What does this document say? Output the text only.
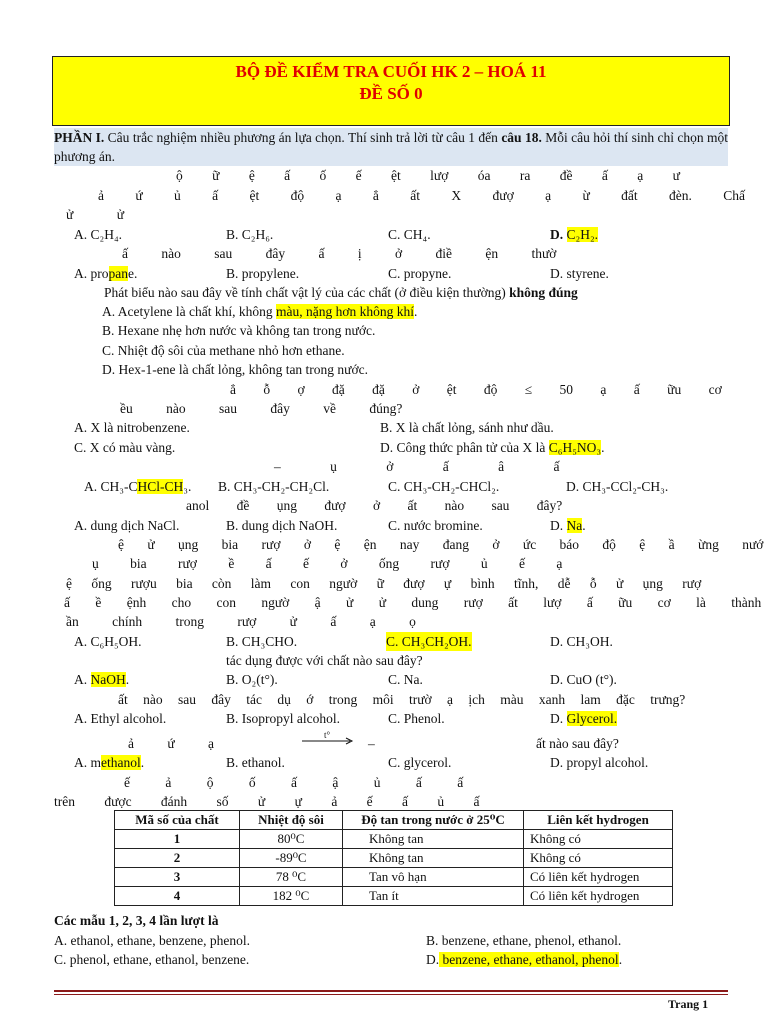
BỘ ĐỀ KIỂM TRA CUỐI HK 2 – HOÁ 11
ĐỀ SỐ 0
PHẦN I. Câu trắc nghiệm nhiều phương án lựa chọn. Thí sinh trả lời từ câu 1 đến câu 18. Mỗi câu hỏi thí sinh chỉ chọn một phương án.
ộ ữ ệ ấ ố ế ệt lượ óa ra đề ấ ạ ư
ả ứ ủ ấ ệt độ ạ ẳ ất X đượ ạ ừ đất đèn. Chấ
ử ử
A. C₂H₄.	B. C₂H₆.	C. CH₄.	D. C₂H₂.
ấ nào sau đây ấ ị ở điề ện thườ
A. propane.	B. propylene.	C. propyne.	D. styrene.
Phát biểu nào sau đây về tính chất vật lý của các chất (ở điều kiện thường) không đúng
A. Acetylene là chất khí, không màu, nặng hơn không khí.
B. Hexane nhẹ hơn nước và không tan trong nước.
C. Nhiệt độ sôi của methane nhỏ hơn ethane.
D. Hex-1-ene là chất lỏng, không tan trong nước.
ẳ ỗ ợ đặ đặ ở ệt độ ≤ 50 ạ ấ ữu cơ
ều nào sau đây về đúng?
A. X là nitrobenzene.	B. X là chất lỏng, sánh như dầu.
C. X có màu vàng.	D. Công thức phân tử của X là C₆H₅NO₃.
– ụ ở ấ â ấ
A. CH₃-CHCl-CH₃. B. CH₃-CH₂-CH₂Cl.	C. CH₃-CH₂-CHCl₂.	D. CH₃-CCl₂-CH₃.
anol đề ụng đượ ở ất nào sau đây?
A. dung dịch NaCl.	B. dung dịch NaOH.	C. nước bromine.	D. Na.
ệ ử ụng bia rượ ở ệ ện nay đang ở ức báo độ ệ ầ ừng nướ
ụ bia rượ ề ấ ế ở ống rượ ủ ế ạ
ệ ống rượu bia còn làm con ngườ ữ đượ ự bình tĩnh, dễ ỗ ử ụng rượ
ấ ề ệnh cho con ngườ ậ ử ử dung rượ ất lượ ấ ữu cơ là thành
ần chính trong rượ ử ấ ạ ọ
A. C₆H₅OH.	B. CH₃CHO.	C. CH₃CH₂OH.	D. CH₃OH.
tác dụng được với chất nào sau đây?
A. NaOH.	B. O₂(t°).	C. Na.	D. CuO (t°).
ất nào sau đây tác dụ ớ trong môi trườ ạ ịch màu xanh lam đặc trưng?
A. Ethyl alcohol.	B. Isopropyl alcohol.	C. Phenol.	D. Glycerol.
ả ứ ạ
t°
→ –	ất nào sau đây?
A. methanol.	B. ethanol.	C. glycerol.	D. propyl alcohol.
ế ả ộ ố ấ ậ ủ ấ ấ
trên được đánh số ử ự ả ế ấ ủ ấ
Mã số của chất	Nhiệt độ sôi	Độ tan trong nước ở 25⁰C	Liên kết hydrogen
1	80⁰C	Không tan	Không có
2	-89⁰C	Không tan	Không có
3	78 ⁰C	Tan vô hạn	Có liên kết hydrogen
4	182 ⁰C	Tan ít	Có liên kết hydrogen
Các mẫu 1, 2, 3, 4 lần lượt là
A. ethanol, ethane, benzene, phenol.	B. benzene, ethane, phenol, ethanol.
C. phenol, ethane, ethanol, benzene.	D. benzene, ethane, ethanol, phenol.
Trang 1
